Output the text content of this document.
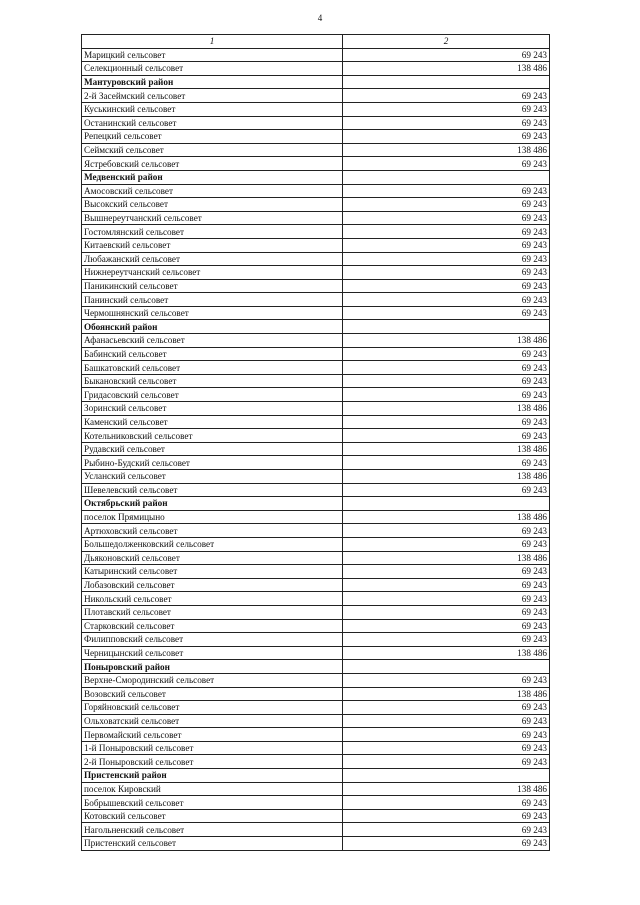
4
1	2
Марицкий сельсовет	69 243
Селекционный сельсовет	138 486
Мантуровский район	
2-й Засеймский сельсовет	69 243
Куськинский сельсовет	69 243
Останинский сельсовет	69 243
Репецкий сельсовет	69 243
Сеймский сельсовет	138 486
Ястребовский сельсовет	69 243
Медвенский район	
Амосовский сельсовет	69 243
Высокский сельсовет	69 243
Вышнереутчанский сельсовет	69 243
Гостомлянский сельсовет	69 243
Китаевский сельсовет	69 243
Любажанский сельсовет	69 243
Нижнереутчанский сельсовет	69 243
Паникинский сельсовет	69 243
Панинский сельсовет	69 243
Чермошнянский сельсовет	69 243
Обоянский район	
Афанасьевский сельсовет	138 486
Бабинский сельсовет	69 243
Башкатовский сельсовет	69 243
Быкановский сельсовет	69 243
Гридасовский сельсовет	69 243
Зоринский сельсовет	138 486
Каменский сельсовет	69 243
Котельниковский сельсовет	69 243
Рудавский сельсовет	138 486
Рыбино-Будский сельсовет	69 243
Усланский сельсовет	138 486
Шевелевский сельсовет	69 243
Октябрьский район	
поселок Прямицыно	138 486
Артюховский сельсовет	69 243
Большедолженковский сельсовет	69 243
Дьяконовский сельсовет	138 486
Катыринский сельсовет	69 243
Лобазовский сельсовет	69 243
Никольский сельсовет	69 243
Плотавский сельсовет	69 243
Старковский сельсовет	69 243
Филипповский сельсовет	69 243
Черницынский сельсовет	138 486
Поныровский район	
Верхне-Смородинский сельсовет	69 243
Возовский сельсовет	138 486
Горяйновский сельсовет	69 243
Ольховатский сельсовет	69 243
Первомайский сельсовет	69 243
1-й Поныровский сельсовет	69 243
2-й Поныровский сельсовет	69 243
Пристенский район	
поселок Кировский	138 486
Бобрышевский сельсовет	69 243
Котовский сельсовет	69 243
Нагольненский сельсовет	69 243
Пристенский сельсовет	69 243
